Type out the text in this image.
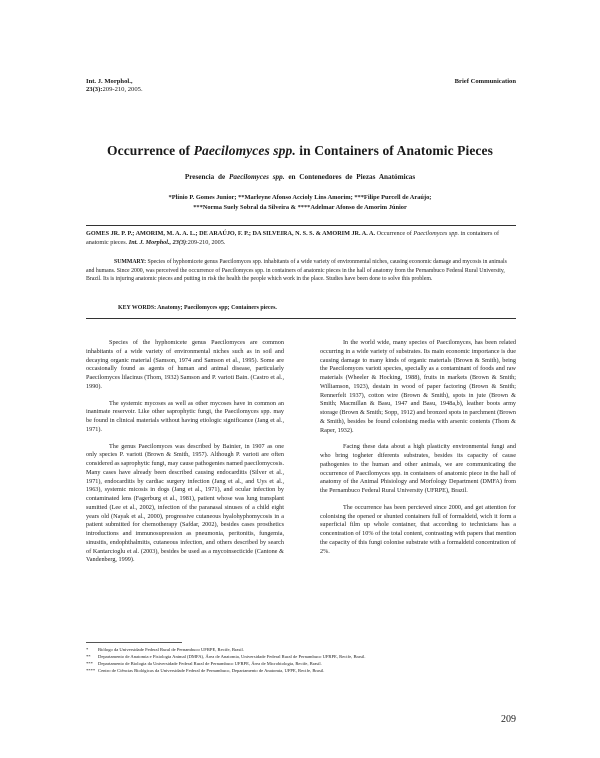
Int. J. Morphol.,
23(3):209-210, 2005.
Brief Communication
Occurrence of Paecilomyces spp. in Containers of Anatomic Pieces
Presencia de Paecilomyces spp. en Contenedores de Piezas Anatómicas
*Plínio P. Gomes Junior; **Marleyne Afonso Accioly Lins Amorim; ***Filipe Purcell de Araújo;
***Norma Suely Sobral da Silveira & ****Adelmar Afonso de Amorim Júnior
GOMES JR. P. P.; AMORIM, M. A. A. L.; DE ARAÚJO, F. P.; DA SILVEIRA, N. S. S. & AMORIM JR. A. A. Occurrence of Paecilomyces spp. in containers of anatomic pieces. Int. J. Morphol., 23(3):209-210, 2005.
SUMMARY: Species of hyphomicete genus Paecilomyces spp. inhabitants of a wide variety of environmental niches, causing economic damage and mycosis in animals and humans. Since 2000, was perceived the occurrence of Paecilomyces spp. in containers of anatomic pieces in the hall of anatomy from the Pernambuco Federal Rural University, Brazil. Its is injuring anatomic pieces and putting in risk the health the people which work in the place. Studies have been done to solve this problem.
KEY WORDS: Anatomy; Paecilomyces spp; Containers pieces.

Species of the hyphomicete genus Paecilomyces are common inhabitants of a wide variety of environmental niches such as in soil and decaying organic material (Samson, 1974 and Samson et al., 1995). Some are occasionally found as agents of human and animal disease, particularly Paecilomyces lilacinus (Thom, 1932) Samson and P. varioti Bain. (Castro et al., 1990).

The systemic mycoses as well as other mycoses have in common an inanimate reservoir. Like other saprophytic fungi, the Paecilomyces spp. may be found in clinical materials without having etiologic significance (Jang et al., 1971).

The genus Paecilomyces was described by Bainier, in 1907 as one only species P. varioti (Brown & Smith, 1957). Although P. varioti are often considered as saprophytic fungi, may cause pathogenies named paecilomycosis. Many cases have already been described causing endocarditis (Silver et al., 1971), endocarditis by cardiac surgery infection (Jang et al., and Uys et al., 1963), systemic micosis in dogs (Jang et al., 1971), and ocular infection by contaminated lens (Fagerburg et al., 1981), patient whose was lung transplant sumitted (Lee et al., 2002), infection of the paranasal sinuses of a child eight years old (Nayak et al., 2000), progressive cutaneous hyalohyphomycosis in a patient submitted for chemotherapy (Safdar, 2002), besides cases prosthetics introductions and immunosupression as pneumonia, peritonitis, fungemia, sinusitis, endophthalmitis, cutaneous infection, and others described by search of Kantarcioglu et al. (2003), besides be used as a mycoinsecticide (Cantone & Vandenberg, 1999).

In the world wide, many species of Paecilomyces, has been related occurring in a wide variety of substrates. Its main economic importance is due causing damage to many kinds of organic materials (Brown & Smith), being the Paecilomyces varioti species, specially as a contaminant of foods and raw materials (Wheeler & Hocking, 1988), fruits in markets (Brown & Smith; Williamson, 1923), destain in wood of paper factoring (Brown & Smith; Rennerfelt 1937), cotton wire (Brown & Smith), spots in jute (Brown & Smith; Macmillan & Basu, 1947 and Basu, 1948a,b), leather boots army storage (Brown & Smith; Sopp, 1912) and bronzed spots in parchment (Brown & Smith), besides be found colonising media with arsenic contents (Thom & Raper, 1932).

Facing these data about a high plasticity environmental fungi and who bring togheter diferents substrates, besides its capacity of cause pathogenies to the human and other animals, we are communicating the occurrence of Paecilomyces spp. in containers of anatomic piece in the hall of anatomy of the Animal Phisiology and Morfology Department (DMFA) from the Pernambuco Federal Rural University (UFRPE), Brazil.

The occurrence has been percieved since 2000, and get attention for colonising the opened or shunted containers full of formaldeid, wich it form a superficial film up whole container, that according to technicians has a concentration of 10% of the total content, contrasting with papers that mention the capacity of this fungi colonise substrate with a formaldeid concentration of 2%.

* Biólogo da Universidade Federal Rural de Pernambuco UFRPE, Recife, Brasil.
** Departamento de Anatomia e Fisiologia Animal (DMFA), Área de Anatomia, Universidade Federal Rural de Pernambuco UFRPE, Recife, Brasil.
*** Departamento de Biologia da Universidade Federal Rural de Pernambuco UFRPE, Área de Microbiologia, Recife, Brasil.
**** Centro de Ciências Biológicas da Universidade Federal de Pernambuco, Departamento de Anatomia, UFPE, Recife, Brasil.
209
